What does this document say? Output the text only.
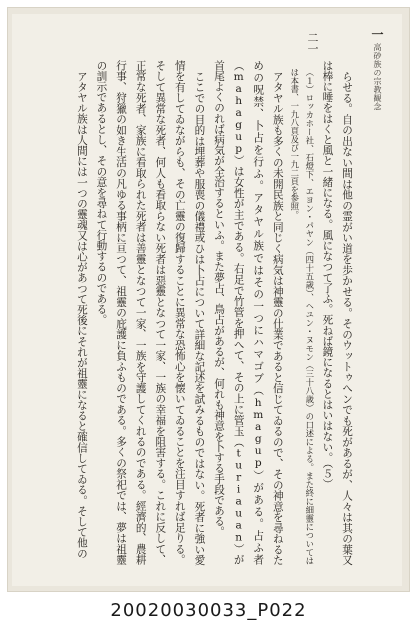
一
高砂族の宗教観念
二一

らせる。自の出ない間は他の霊がい道を歩かせる。そのウットゥへンでも死があるが、人々は其の葉又は棒に唾をはくと風と一緒になる。風になつて了ふ。死ねば鏡になるとはいはない。（５）

（１）ロッカホー社、石燈下、エヨン・パヤン（四十五歳）、ヘユン・ヌモン（三十八歳）の口述による。また終に細靈についてはは本書、一九八頁及び一九二頁を参照。

アタヤル族も多くの未開民族と同じく病気は神靈の仕業であると信じてゐるので、その神意を尋ねるための呪禁、卜占を行ふ。アタヤル族ではその一つにハマゴブ（hmagup）がある。占ふ者（mahagup）は女性が主である。右足で竹管を押へて、その上に管玉（turiauan）が首尾よくのれば病気が全治するといふ。また夢占、鳥占があるが、何れも神意を卜する手段である。

ここでの目的は埋葬や服喪の儀禮或ひは卜占について詳細な記述を試みるものではない。死者に強い愛情を有してゐながらも、その亡靈の復歸することに異常な恐怖心を懐いてゐることを注目すれば足りる。そして異常な死者、何人も看取らない死者は惡靈となつて一家、一族の幸福を阻害する。これに反して、正常な死者、家族に看取られた死者は善靈となつて一家、一族を守護してくれるのである。經濟的、農耕行事、狩獵の如き生活の凡ゆる事柄に亘つて、祖靈の庇護に負ふものである。多くの祭祀では、夢は祖靈の訓示であるとし、その意を尋ねて行動するのである。

アタヤル族は人間には一つの靈魂又は心があつて死後にそれが祖靈になると確信してゐる。そして他の

20020030033_P022
